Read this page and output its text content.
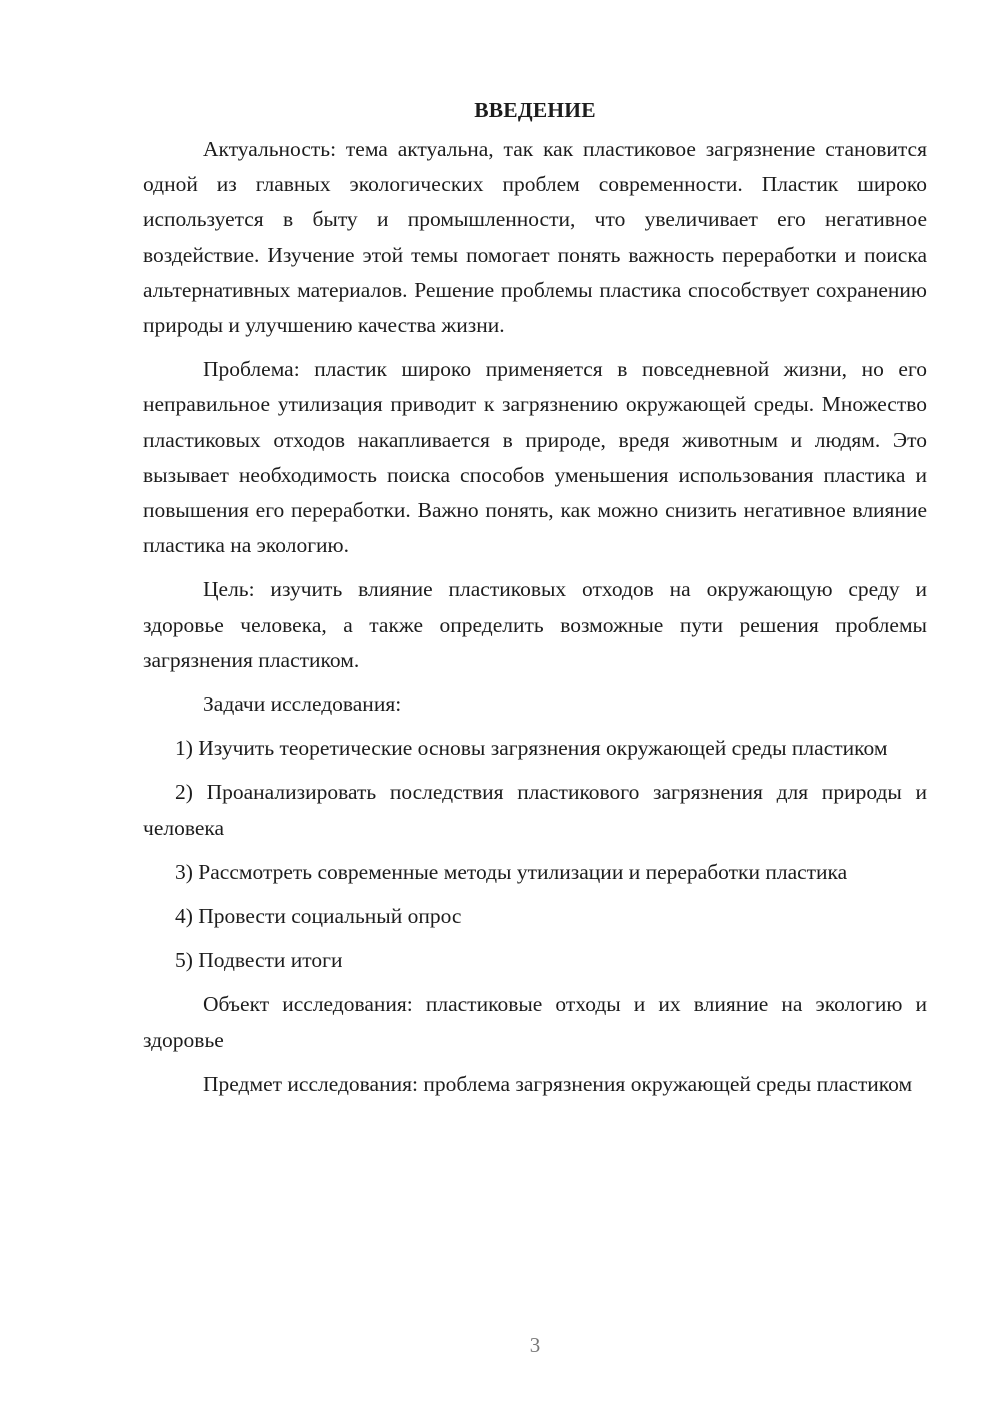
ВВЕДЕНИЕ

Актуальность: тема актуальна, так как пластиковое загрязнение становится одной из главных экологических проблем современности. Пластик широко используется в быту и промышленности, что увеличивает его негативное воздействие. Изучение этой темы помогает понять важность переработки и поиска альтернативных материалов. Решение проблемы пластика способствует сохранению природы и улучшению качества жизни.

Проблема: пластик широко применяется в повседневной жизни, но его неправильное утилизация приводит к загрязнению окружающей среды. Множество пластиковых отходов накапливается в природе, вредя животным и людям. Это вызывает необходимость поиска способов уменьшения использования пластика и повышения его переработки. Важно понять, как можно снизить негативное влияние пластика на экологию.

Цель: изучить влияние пластиковых отходов на окружающую среду и здоровье человека, а также определить возможные пути решения проблемы загрязнения пластиком.

Задачи исследования:

1) Изучить теоретические основы загрязнения окружающей среды пластиком

2) Проанализировать последствия пластикового загрязнения для природы и человека

3) Рассмотреть современные методы утилизации и переработки пластика

4) Провести социальный опрос

5) Подвести итоги

Объект исследования: пластиковые отходы и их влияние на экологию и здоровье

Предмет исследования: проблема загрязнения окружающей среды пластиком

3
